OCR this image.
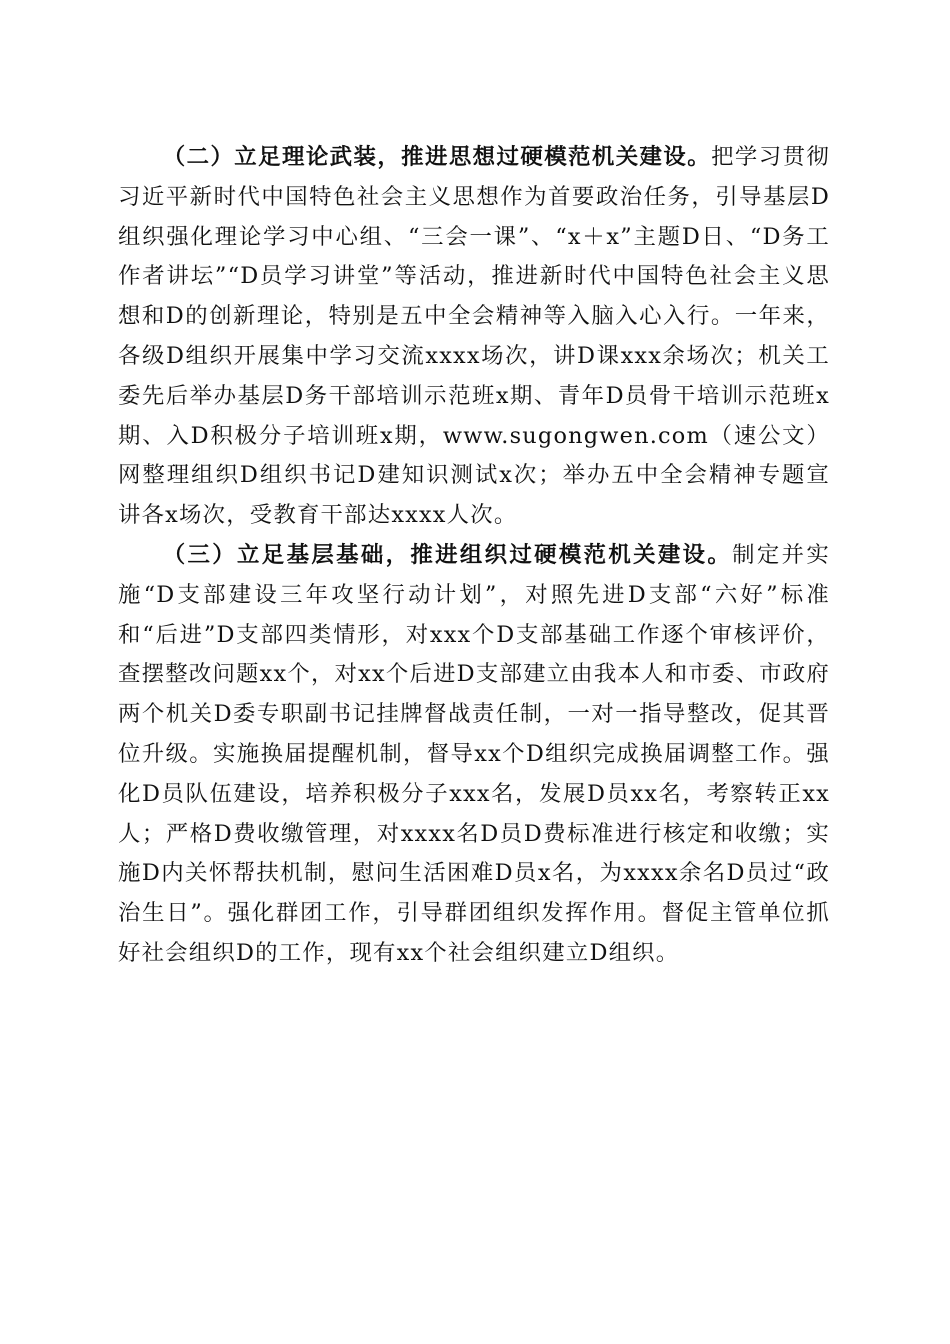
（二）立足理论武装，推进思想过硬模范机关建设。把学习贯彻习近平新时代中国特色社会主义思想作为首要政治任务，引导基层D组织强化理论学习中心组、“三会一课”、“x＋x”主题D日、“D务工作者讲坛”“D员学习讲堂”等活动，推进新时代中国特色社会主义思想和D的创新理论，特别是五中全会精神等入脑入心入行。一年来，各级D组织开展集中学习交流xxxx场次，讲D课xxx余场次；机关工委先后举办基层D务干部培训示范班x期、青年D员骨干培训示范班x期、入D积极分子培训班x期，www.sugongwen.com（速公文）网整理组织D组织书记D建知识测试x次；举办五中全会精神专题宣讲各x场次，受教育干部达xxxx人次。

（三）立足基层基础，推进组织过硬模范机关建设。制定并实施“D支部建设三年攻坚行动计划”，对照先进D支部“六好”标准和“后进”D支部四类情形，对xxx个D支部基础工作逐个审核评价，查摆整改问题xx个，对xx个后进D支部建立由我本人和市委、市政府两个机关D委专职副书记挂牌督战责任制，一对一指导整改，促其晋位升级。实施换届提醒机制，督导xx个D组织完成换届调整工作。强化D员队伍建设，培养积极分子xxx名，发展D员xx名，考察转正xx人；严格D费收缴管理，对xxxx名D员D费标准进行核定和收缴；实施D内关怀帮扶机制，慰问生活困难D员x名，为xxxx余名D员过“政治生日”。强化群团工作，引导群团组织发挥作用。督促主管单位抓好社会组织D的工作，现有xx个社会组织建立D组织。
